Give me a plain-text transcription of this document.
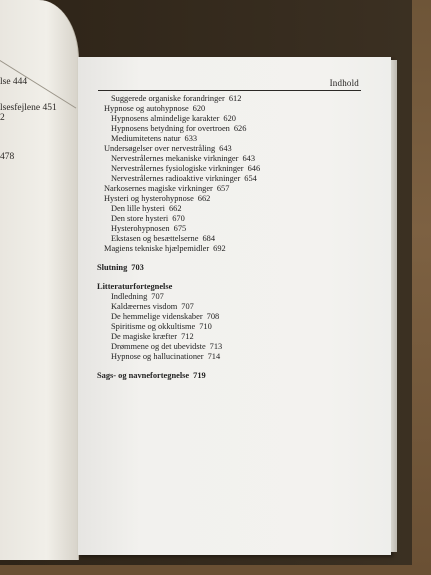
lse 444
lsesfejlene 451
2
478
Indhold
Suggerede organiske forandringer 612
Hypnose og autohypnose 620
Hypnosens almindelige karakter 620
Hypnosens betydning for overtroen 626
Mediumitetens natur 633
Undersøgelser over nervestråling 643
Nervestrålernes mekaniske virkninger 643
Nervestrålernes fysiologiske virkninger 646
Nervestrålernes radioaktive virkninger 654
Narkosernes magiske virkninger 657
Hysteri og hysterohypnose 662
Den lille hysteri 662
Den store hysteri 670
Hysterohypnosen 675
Ekstasen og besættelserne 684
Magiens tekniske hjælpemidler 692
Slutning 703
Litteraturfortegnelse
Indledning 707
Kaldæernes visdom 707
De hemmelige videnskaber 708
Spiritisme og okkultisme 710
De magiske kræfter 712
Drømmene og det ubevidste 713
Hypnose og hallucinationer 714
Sags- og navnefortegnelse 719
